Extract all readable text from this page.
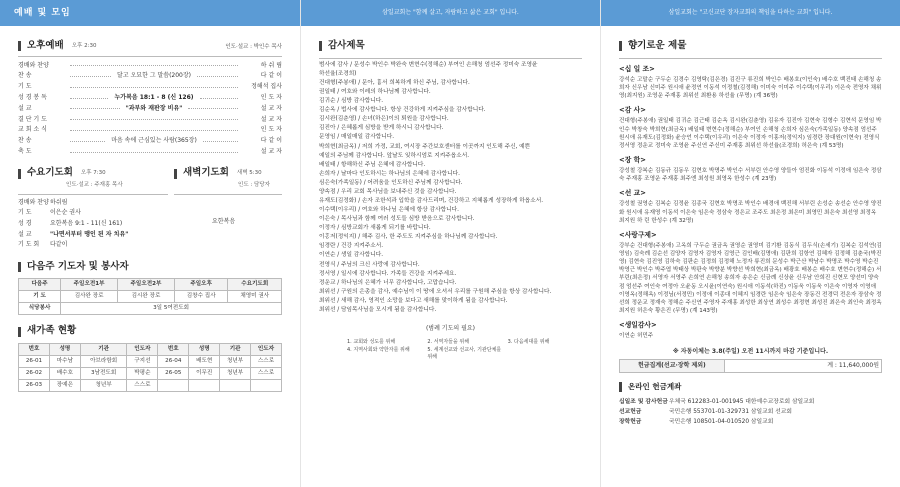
예배 및 모임
오후예배 오후 2:30	인도·설교 : 박인수 목사
경배와 찬양	하 쉬 림
찬 송	달고 오묘한 그 말씀(200장)	다 같 이
기 도	정해석 집사
성 경 봉 독	누가복음 18:1 - 8 (신 126)	인 도 자
설 교	"과부와 재판장 비유"	설 교 자
결 단 기 도	설 교 자
교 회 소 식	인 도 자
찬 송	마음 속에 근심있는 사람(365장)	다 같 이
축 도	설 교 자
수요기도회 오후 7:30
인도·설교 : 주재홍 목사
경배와 찬양 하쉬림
기 도	이은순 권사
성 경	요한복음 9:1 - 11(신 161)
설 교	"나면서부터 맹인 된 자 치유"
기 도 회	다같이
새벽기도회 새벽 5:30
인도 : 담당자
요한복음
다음주 기도자 및 봉사자
다음주	주일오전1부	주일오전2부	주일오후	수요기도회
기 도	김사완 장로	김시완 장로	김창수 집사	채영미 권사
식당봉사	3일 5여전도회			
새가족 현황
번호	성명	기관	인도자	번호	성명	기관	인도자
26-01	마수남	아브라함회	구지선	26-04	배도현	청년부	스스로
26-02	배수호	3남전도회	박평순	26-05	이무진	청년부	스스로
26-03	장예은	청년부	스스로				
삼일교회는 "함께 살고, 자람하고 삶은 교회" 입니다.
감사제목
범사에 감사 / 문성수 박인수 박완숙 변현수(정해순) 부여인 손해청 엄선주 정미숙 조영윤
하선율(조경희)
건대형(주봉애) / 문아, 흉서 희복하게 하신 주님, 감사합니다.
권일태 / 여호와 이레의 하나님께 감사합니다.
김귀순 / 심방 감사합니다.
김순옥 / 법사에 감사합니다. 항상 건강하게 지켜주심을 감사합니다.
김시완(김춘영) / 손녀(하은)이의 퇴원을 감사합니다.
김진아 / 은혜롭게 심방을 받게 하시니 감사합니다.
문영임 / 매일매일 감사합니다.
박희현(최금옥) / 저희 가정, 교회, 여시장 주간보호센터를 이곳까지 인도해 주신, 예쁜
예일의 주님께 감사합니다. 앞날도 잊하시엄로 지켜주옵소서.
배일태 / 항해하신 주님 은혜에 감사합니다.
손희자 / 날마다 인도하시는 하나님의 은혜에 감사합니다.
심은숙(가족일동) / 어려움을 인도하신 주님께 감사합니다.
양속점 / 우리 교회 목사님을 보내주신 것을 감사합니다.
유재도(김정화) / 손자 조한석과 입학을 감사드리며, 건강하고 지혜롭게 성장하게 하옵소서.
이수택(이우리) / 여호와 하나님 은혜에 항상 감사합니다.
이은숙 / 목사님과 함께 여러 성도들 심방 받음으로 감사합니다.
이정자 / 심방교회가 새롭게 되기를 바랍니다.
이홍저(정익지) / 해주 김사, 한 주도도 지켜주심을 하나님께 감사합니다.
임경란 / 건강 지켜주소서.
이연순 / 생일 감사합니다.
전영식 / 주님의 크신 사랑에 감사합니다.
정서영 / 일시에 감사합니다. 가족들 건강을 지켜주세요.
정운교 / 하나님의 은혜가 너무 감사합니다, 고맙습니다.
최위선 / 구원의 은총을 감사, 예수님이 이 땅에 오셔서 우리를 구원해 주심을 항상 감사합니다.
최위선 / 새해 감사, 영적인 소망을 보다고 새해를 맞이하게 됨을 감사합니다.
최위선 / 담임목사님을 모시게 됨을 감사합니다.
(범례 기도의 필요)
1. 교회와 성도를 위해	2. 서역자들을 위해	3. 다음세대를 위해
4. 지역사회와 약한자를 위해	5. 세계선교와 선교사, 기관단체를 위해
삼일교회는 "고신교단 장자교회의 책임을 다하는 교회" 입니다.
향기로운 제물
<십 일 조>
강석순 고말순 구두순 김경수 김영탁(김은경) 김진구 류진희 박인수 배봉호(이인숙) 배수호 백진태 손해청 송희자 신우남 신미주 원시애 윤정연 이동석 이정철(김정해) 이미숙 이미주 이수택(이우리) 이은숙 전영자 채위영(최지원) 조영운 주재홍 최위선 최환용 하선율 (무명) (계 36명)
<감 사>
건대형(주봉애) 권일태 김귀순 김근태 김순옥 김시완(김춘영) 김유자 김진아 김현숙 김형수 김현석 문영임 박인수 박창숙 박희현(최금옥) 배일태 변현수(정해순) 부여인 손해청 손희자 심은숙(가족일동) 양속점 엄선주 원시애 유재도(김정화) 윤승언 이수택(이우리) 이은숙 이정자 이홍저(정익지) 임경란 장대원(이현숙) 전영식 정서영 정운교 정미숙 조영윤 주신연 주신미 주재홍 최위선 하선율(조경희) 허은숙 (계 53명)
<장 학>
강성철 강복순 김동규 김동우 김현호 박명주 박인수 서부린 안수영 양들아 엄진화 이동석 이정애 임은숙 정삼숙 주재홍 조영운 주재홍 최주엔 최성원 최영옥 한성수 (계 23명)
<선 교>
강성철 권영순 김복순 김정윤 김종국 김현호 박명조 박인수 배경애 백진해 서부린 손성순 송선순 안수영 양진화 원시애 유재영 이동석 이은숙 임은숙 정삼숙 정은교 조주도 최은정 최은미 최영민 최은숙 최선영 최정옥 최지원 하 린 한성수 (계 32명)
<사랑구제>
강부순 건대형(주봉애) 고옥희 구두순 권금옥 권영순 권영미 김기환 김동식 김두식(손세기) 김복순 김석연(김영임) 김숙례 김순선 김양자 김영자 김영자 김영근 김인배(김명애) 김판희 김항연 김혜자 김정해 김춘국(박진영) 김현숙 김진영 김하숙 김판순 김정희 김정해 노정자 류진희 문성수 박근산 박남수 박명조 박수영 박순진 박영근 박인수 박주엽 박태상 박판숙 박향분 박향선 박희현(최금옥) 배광호 배봉순 배수호 변현수(정해순) 서부린(최은정) 서영자 서영주 손희연 손해청 송희자 송은순 신금례 신상윤 신우남 안희진 신현모 양선미 양숙점 엄선주 여인숙 여정아 오윤동 오시윤(이연숙) 원시애 이동석(하진) 이동욱 이동욱 이은숙 이영자 이영애 이영옥(정해옥) 이정님(서정민) 이정애 이종대 이혜지 임경란 임은숙 임은숙 장동건 전경덕 전은자 장삼숙 정선희 정운교 정재숙 정해순 주신연 주영자 주재홍 최성한 최상연 최성수 최정현 최성진 최은숙 최인숙 최정옥 최지원 허은숙 황은진 (무명) (계 143명)
<생일감사>
이연순 허민주
※ 자동이체는 3.8(주일) 오전 11시까지 마감 기준입니다.
헌금집계(선교·장학 제외)	계 : 11,640,000원
온라인 헌금계좌
십일조 및 감사헌금 우체국 612283-01-001945 대한예수교장로회 삼일교회
선교헌금	국민은행 553701-01-329731 삼일교회 선교회
장학헌금	국민은행 108501-04-010520 삼일교회
